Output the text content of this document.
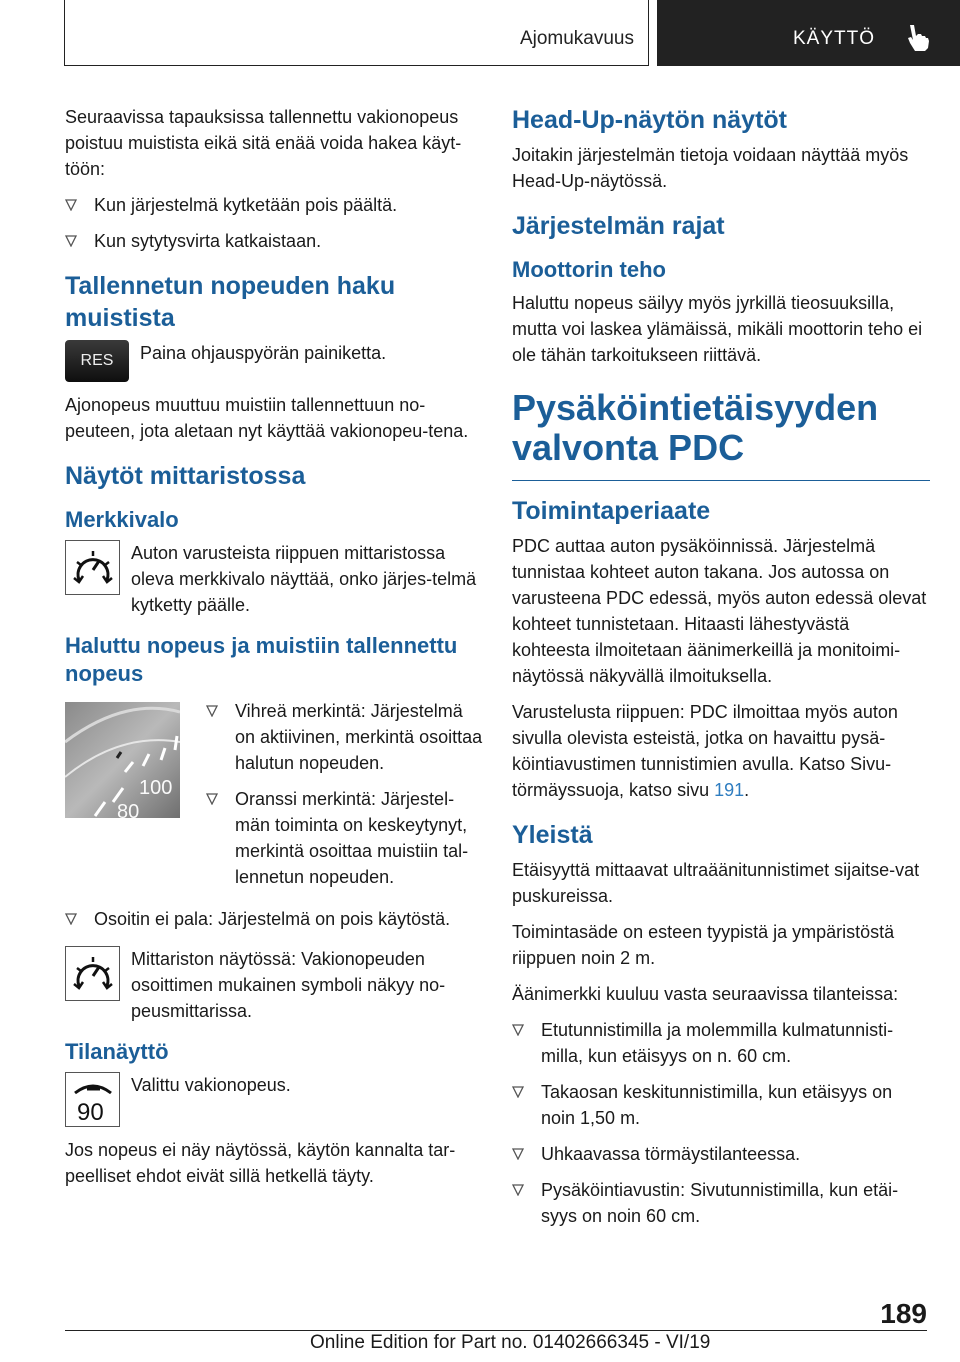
Ajomukavuus	KÄYTTÖ

Seuraavissa tapauksissa tallennettu vakionopeus poistuu muistista eikä sitä enää voida hakea käyt-töön:

Kun järjestelmä kytketään pois päältä.
Kun sytytysvirta katkaistaan.
Tallennetun nopeuden haku muistista
RES	Paina ohjauspyörän painiketta.

Ajonopeus muuttuu muistiin tallennettuun no-peuteen, jota aletaan nyt käyttää vakionopeu-tena.

Näytöt mittaristossa
Merkkivalo

Auton varusteista riippuen mittaristossa oleva merkkivalo näyttää, onko järjes-telmä kytketty päälle.

Haluttu nopeus ja muistiin tallennettu nopeus
100
80
Vihreä merkintä: Järjestelmä on aktiivinen, merkintä osoittaa halutun nopeuden.
Oranssi merkintä: Järjestel-män toiminta on keskeytynyt, merkintä osoittaa muistiin tal-lennetun nopeuden.
Osoitin ei pala: Järjestelmä on pois käytöstä.

Mittariston näytössä: Vakionopeuden osoittimen mukainen symboli näkyy no-peusmittarissa.

Tilanäyttö
90

Valittu vakionopeus.

Jos nopeus ei näy näytössä, käytön kannalta tar-peelliset ehdot eivät sillä hetkellä täyty.

Head-Up-näytön näytöt

Joitakin järjestelmän tietoja voidaan näyttää myös Head-Up-näytössä.

Järjestelmän rajat
Moottorin teho

Haluttu nopeus säilyy myös jyrkillä tieosuuksilla, mutta voi laskea ylämäissä, mikäli moottorin teho ei ole tähän tarkoitukseen riittävä.

Pysäköintietäisyyden valvonta PDC
Toimintaperiaate

PDC auttaa auton pysäköinnissä. Järjestelmä tunnistaa kohteet auton takana. Jos autossa on varusteena PDC edessä, myös auton edessä olevat kohteet tunnistetaan. Hitaasti lähestyvästä kohteesta ilmoitetaan äänimerkeillä ja monitoimi-näytössä näkyvällä ilmoituksella.

Varustelusta riippuen: PDC ilmoittaa myös auton sivulla olevista esteistä, jotka on havaittu pysä-köintiavustimen tunnistimien avulla. Katso Sivu-törmäyssuoja, katso sivu 191.

Yleistä

Etäisyyttä mittaavat ultraäänitunnistimet sijaitse-vat puskureissa.

Toimintasäde on esteen tyypistä ja ympäristöstä riippuen noin 2 m.

Äänimerkki kuuluu vasta seuraavissa tilanteissa:

Etutunnistimilla ja molemmilla kulmatunnisti-milla, kun etäisyys on n. 60 cm.
Takaosan keskitunnistimilla, kun etäisyys on noin 1,50 m.
Uhkaavassa törmäystilanteessa.
Pysäköintiavustin: Sivutunnistimilla, kun etäi-syys on noin 60 cm.
189
Online Edition for Part no. 01402666345 - VI/19
